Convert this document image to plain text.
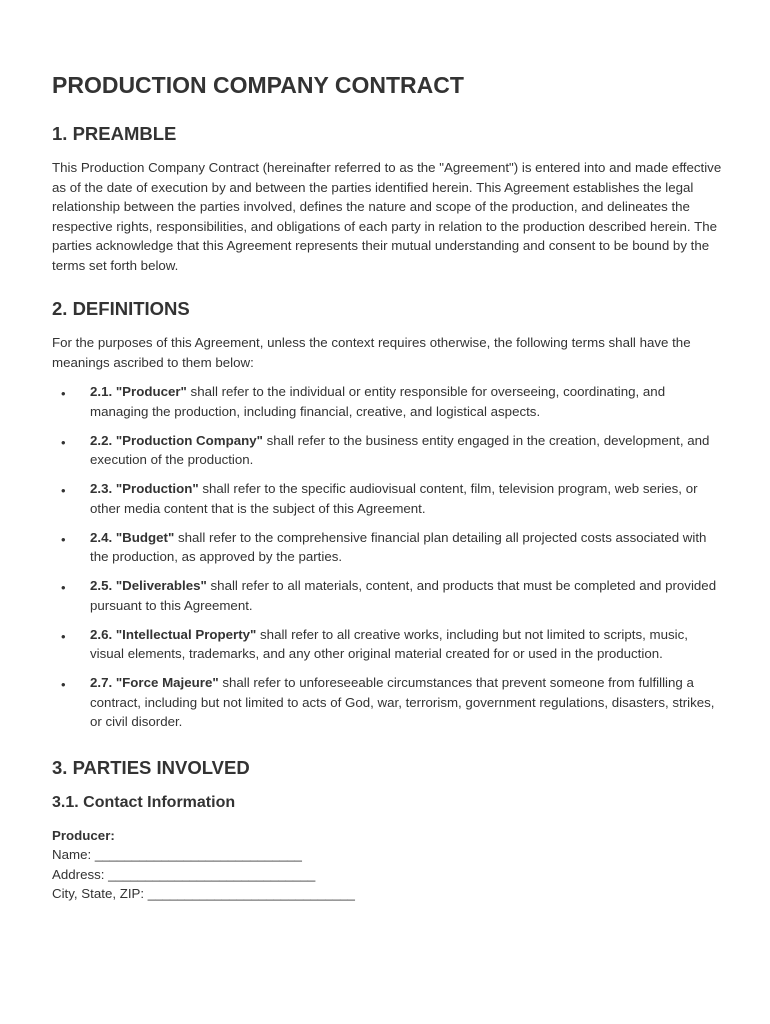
PRODUCTION COMPANY CONTRACT
1. PREAMBLE

This Production Company Contract (hereinafter referred to as the "Agreement") is entered into and made effective as of the date of execution by and between the parties identified herein. This Agreement establishes the legal relationship between the parties involved, defines the nature and scope of the production, and delineates the respective rights, responsibilities, and obligations of each party in relation to the production described herein. The parties acknowledge that this Agreement represents their mutual understanding and consent to be bound by the terms set forth below.

2. DEFINITIONS

For the purposes of this Agreement, unless the context requires otherwise, the following terms shall have the meanings ascribed to them below:

• 2.1. "Producer" shall refer to the individual or entity responsible for overseeing, coordinating, and managing the production, including financial, creative, and logistical aspects.
• 2.2. "Production Company" shall refer to the business entity engaged in the creation, development, and execution of the production.
• 2.3. "Production" shall refer to the specific audiovisual content, film, television program, web series, or other media content that is the subject of this Agreement.
• 2.4. "Budget" shall refer to the comprehensive financial plan detailing all projected costs associated with the production, as approved by the parties.
• 2.5. "Deliverables" shall refer to all materials, content, and products that must be completed and provided pursuant to this Agreement.
• 2.6. "Intellectual Property" shall refer to all creative works, including but not limited to scripts, music, visual elements, trademarks, and any other original material created for or used in the production.
• 2.7. "Force Majeure" shall refer to unforeseeable circumstances that prevent someone from fulfilling a contract, including but not limited to acts of God, war, terrorism, government regulations, disasters, strikes, or civil disorder.
3. PARTIES INVOLVED
3.1. Contact Information

Producer:

Name: ____________________________

Address: ____________________________

City, State, ZIP: ____________________________
